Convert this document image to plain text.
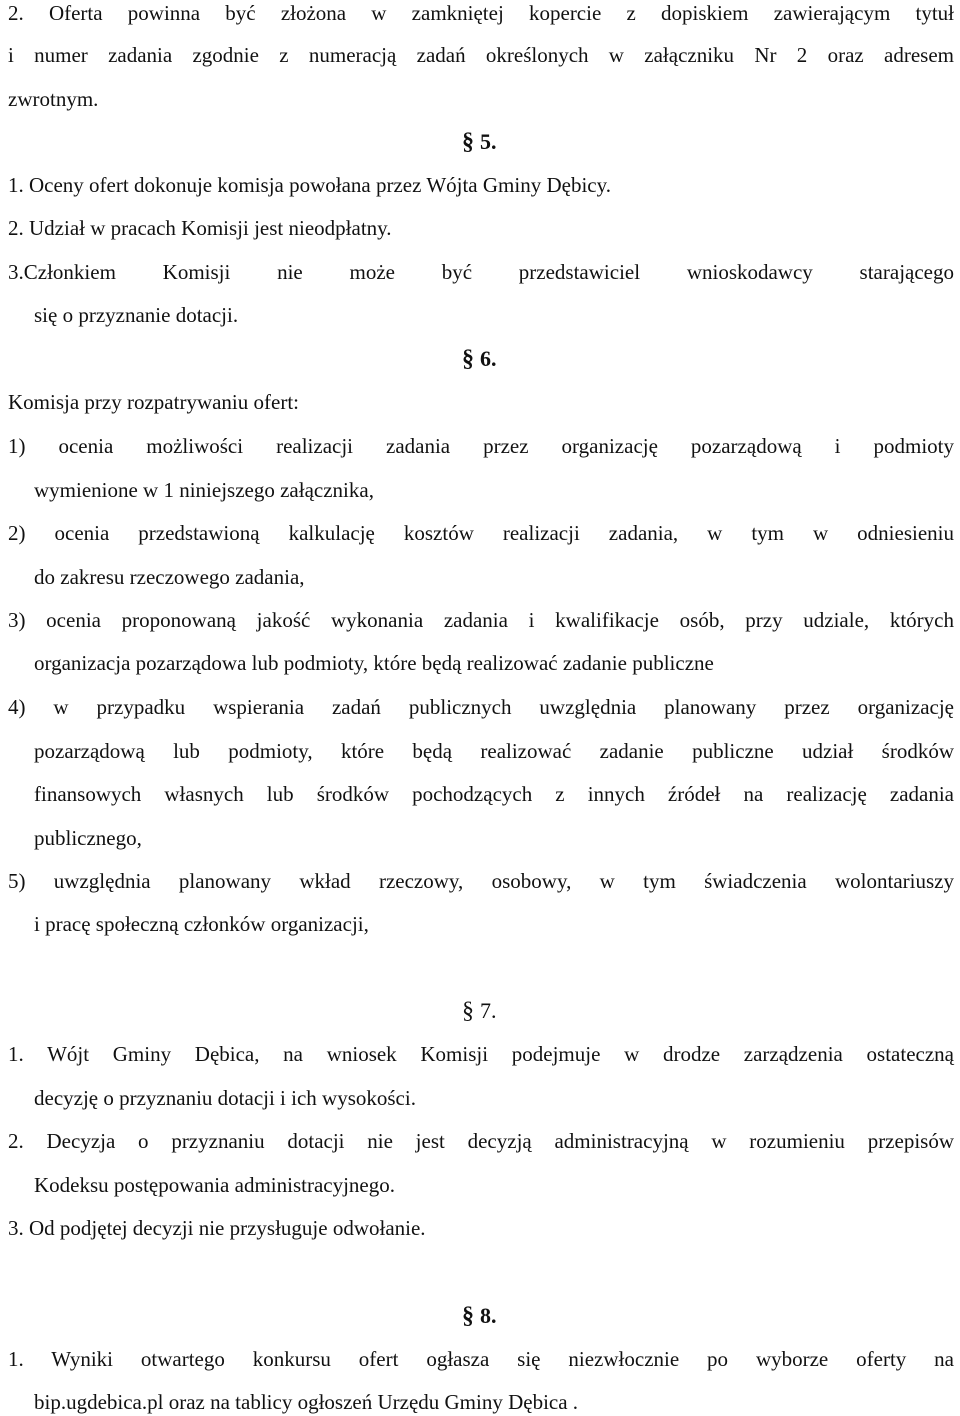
2. Oferta powinna być złożona w zamkniętej kopercie z dopiskiem zawierającym tytuł
i numer zadania zgodnie z numeracją zadań określonych w załączniku Nr 2 oraz adresem
zwrotnym.
§ 5.
1. Oceny ofert dokonuje komisja powołana przez Wójta Gminy Dębicy.
2. Udział w pracach Komisji jest nieodpłatny.
3.Członkiem Komisji nie może być przedstawiciel wnioskodawcy starającego
się o przyznanie dotacji.
§ 6.
Komisja przy rozpatrywaniu ofert:
1) ocenia możliwości realizacji zadania przez organizację pozarządową i podmioty
wymienione w 1 niniejszego załącznika,
2) ocenia przedstawioną kalkulację kosztów realizacji zadania, w tym w odniesieniu
do zakresu rzeczowego zadania,
3) ocenia proponowaną jakość wykonania zadania i kwalifikacje osób, przy udziale, których
organizacja pozarządowa lub podmioty, które będą realizować zadanie publiczne
4) w przypadku wspierania zadań publicznych uwzględnia planowany przez organizację
pozarządową lub podmioty, które będą realizować zadanie publiczne udział środków
finansowych własnych lub środków pochodzących z innych źródeł na realizację zadania
publicznego,
5) uwzględnia planowany wkład rzeczowy, osobowy, w tym świadczenia wolontariuszy
i pracę społeczną członków organizacji,
§ 7.
1. Wójt Gminy Dębica, na wniosek Komisji podejmuje w drodze zarządzenia ostateczną
decyzję o przyznaniu dotacji i ich wysokości.
2. Decyzja o przyznaniu dotacji nie jest decyzją administracyjną w rozumieniu przepisów
Kodeksu postępowania administracyjnego.
3. Od podjętej decyzji nie przysługuje odwołanie.
§ 8.
1. Wyniki otwartego konkursu ofert ogłasza się niezwłocznie po wyborze oferty na
bip.ugdebica.pl oraz na tablicy ogłoszeń Urzędu Gminy Dębica .
